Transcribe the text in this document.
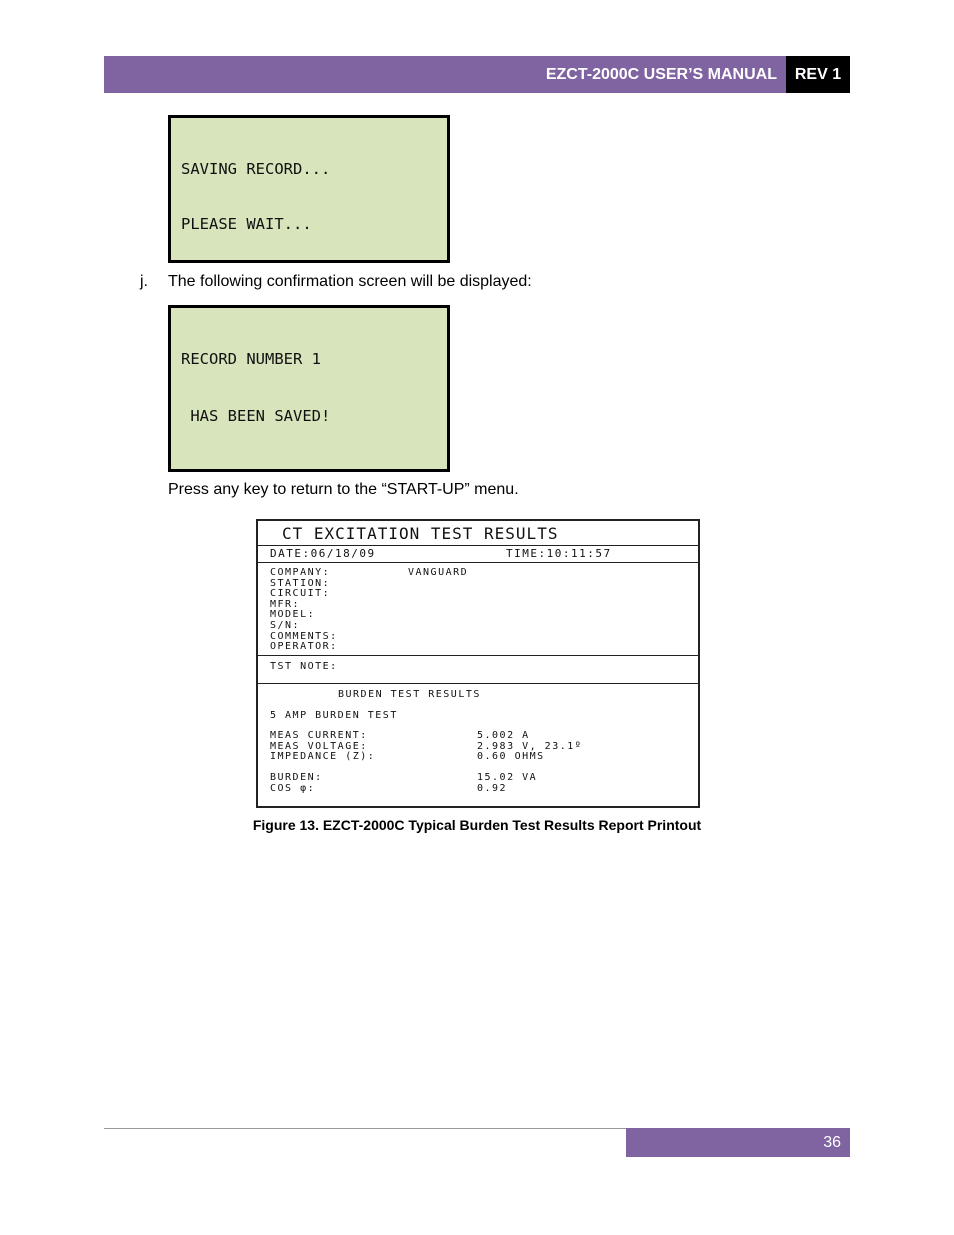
EZCT-2000C USER’S MANUAL REV 1

SAVING RECORD...

PLEASE WAIT...

j. The following confirmation screen will be displayed:

RECORD NUMBER 1

HAS BEEN SAVED!

Press any key to return to the “START-UP” menu.
CT EXCITATION TEST RESULTS
DATE:06/18/09	TIME:10:11:57
COMPANY:	VANGUARD
STATION:
CIRCUIT:
MFR:
MODEL:
S/N:
COMMENTS:
OPERATOR:
TST NOTE:
BURDEN TEST RESULTS
5 AMP BURDEN TEST
MEAS CURRENT:	5.002 A
MEAS VOLTAGE:	2.983 V, 23.1º
IMPEDANCE (Z):	0.60 OHMS
BURDEN:	15.02 VA
COS φ:	0.92
Figure 13. EZCT-2000C Typical Burden Test Results Report Printout
36
